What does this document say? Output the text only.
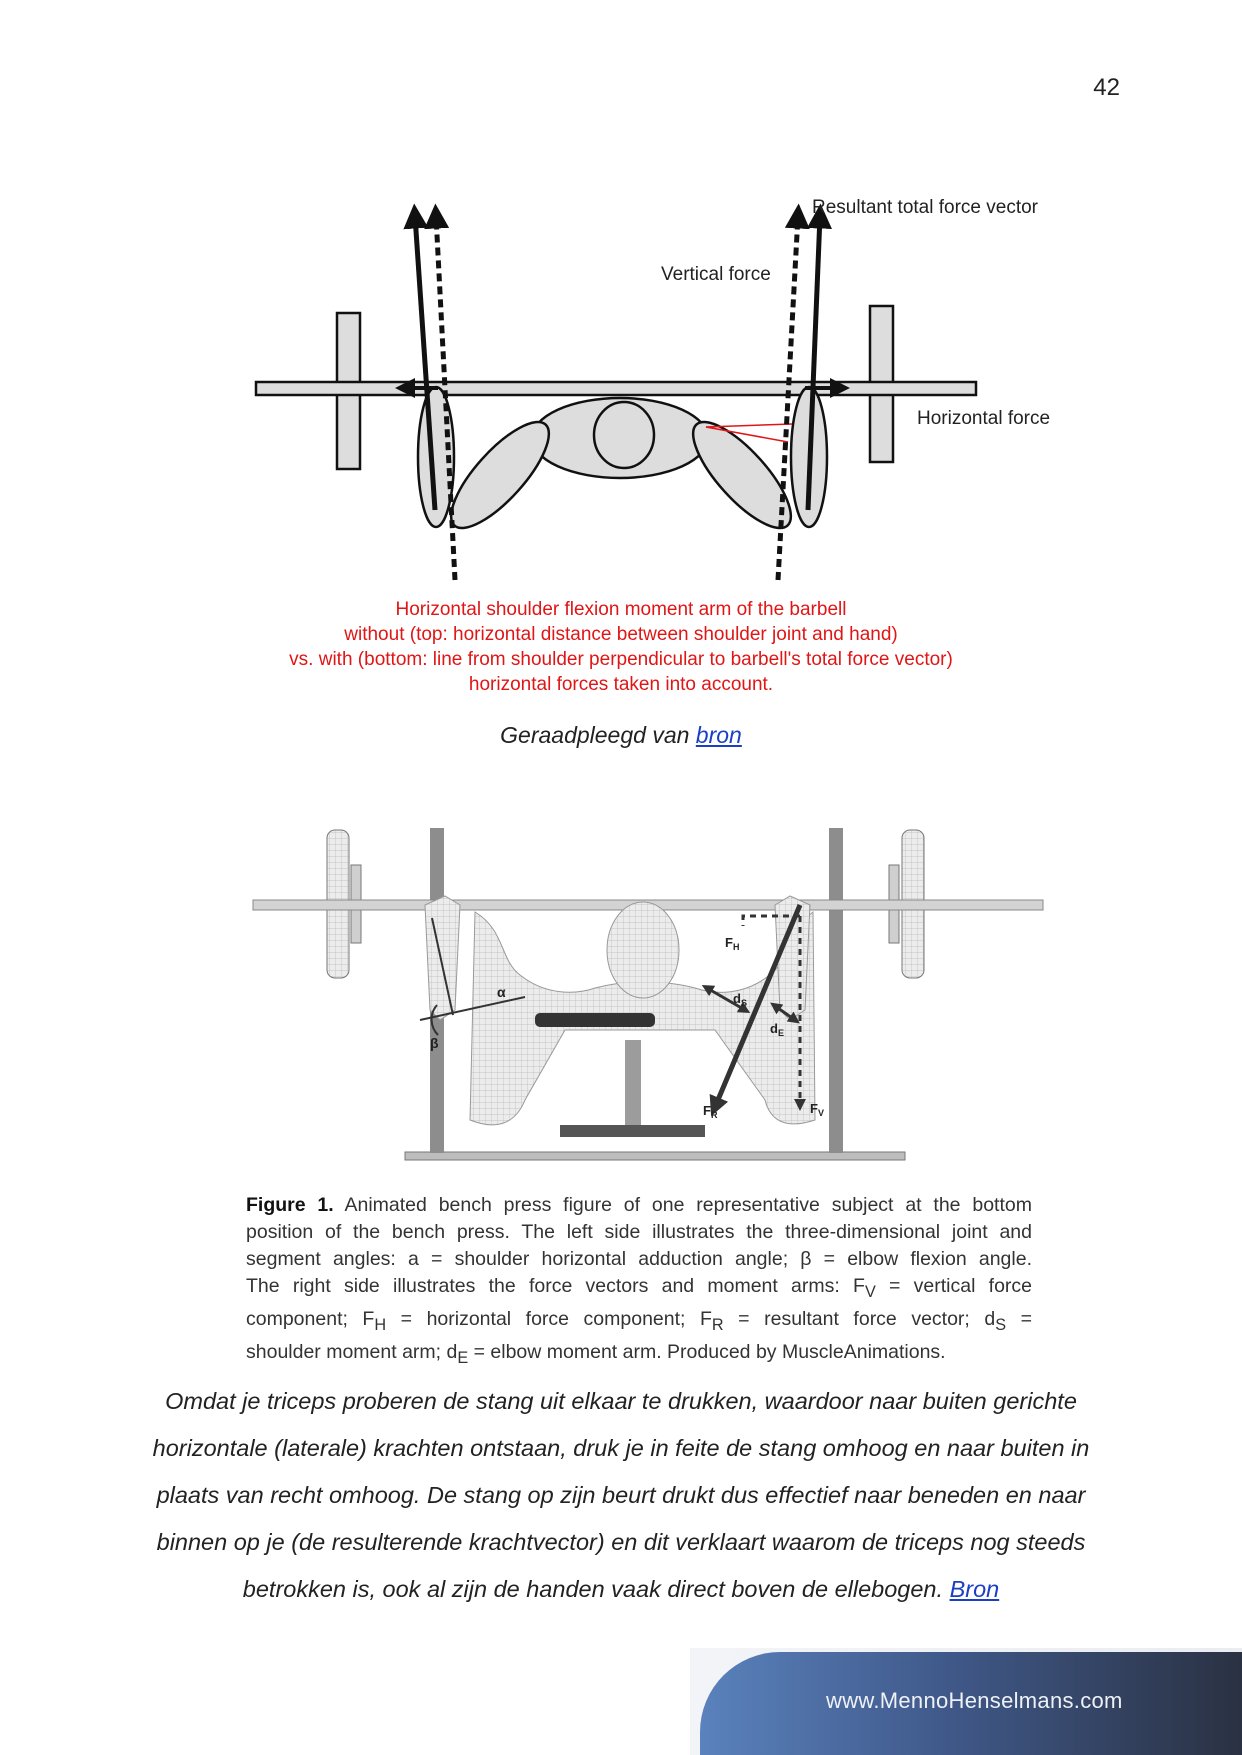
42
Resultant total force vector
Vertical force
Horizontal force
Horizontal shoulder flexion moment arm of the barbell
without (top: horizontal distance between shoulder joint and hand)
vs. with (bottom: line from shoulder perpendicular to barbell's total force vector)
horizontal forces taken into account.
Geraadpleegd van bron
$F_H$
$d_S$
$d_E$
$F_R$	$F_V$
α
β
Figure 1. Animated bench press figure of one representative subject at the bottom
position of the bench press. The left side illustrates the three-dimensional joint and
segment angles: a = shoulder horizontal adduction angle; β = elbow flexion angle.
The right side illustrates the force vectors and moment arms: $F_V$ = vertical force
component; $F_H$ = horizontal force component; $F_R$ = resultant force vector; $d_S$ =
shoulder moment arm; $d_E$ = elbow moment arm. Produced by MuscleAnimations.
Omdat je triceps proberen de stang uit elkaar te drukken, waardoor naar buiten gerichte horizontale (laterale) krachten ontstaan, druk je in feite de stang omhoog en naar buiten in plaats van recht omhoog. De stang op zijn beurt drukt dus effectief naar beneden en naar binnen op je (de resulterende krachtvector) en dit verklaart waarom de triceps nog steeds betrokken is, ook al zijn de handen vaak direct boven de ellebogen. Bron
www.MennoHenselmans.com
